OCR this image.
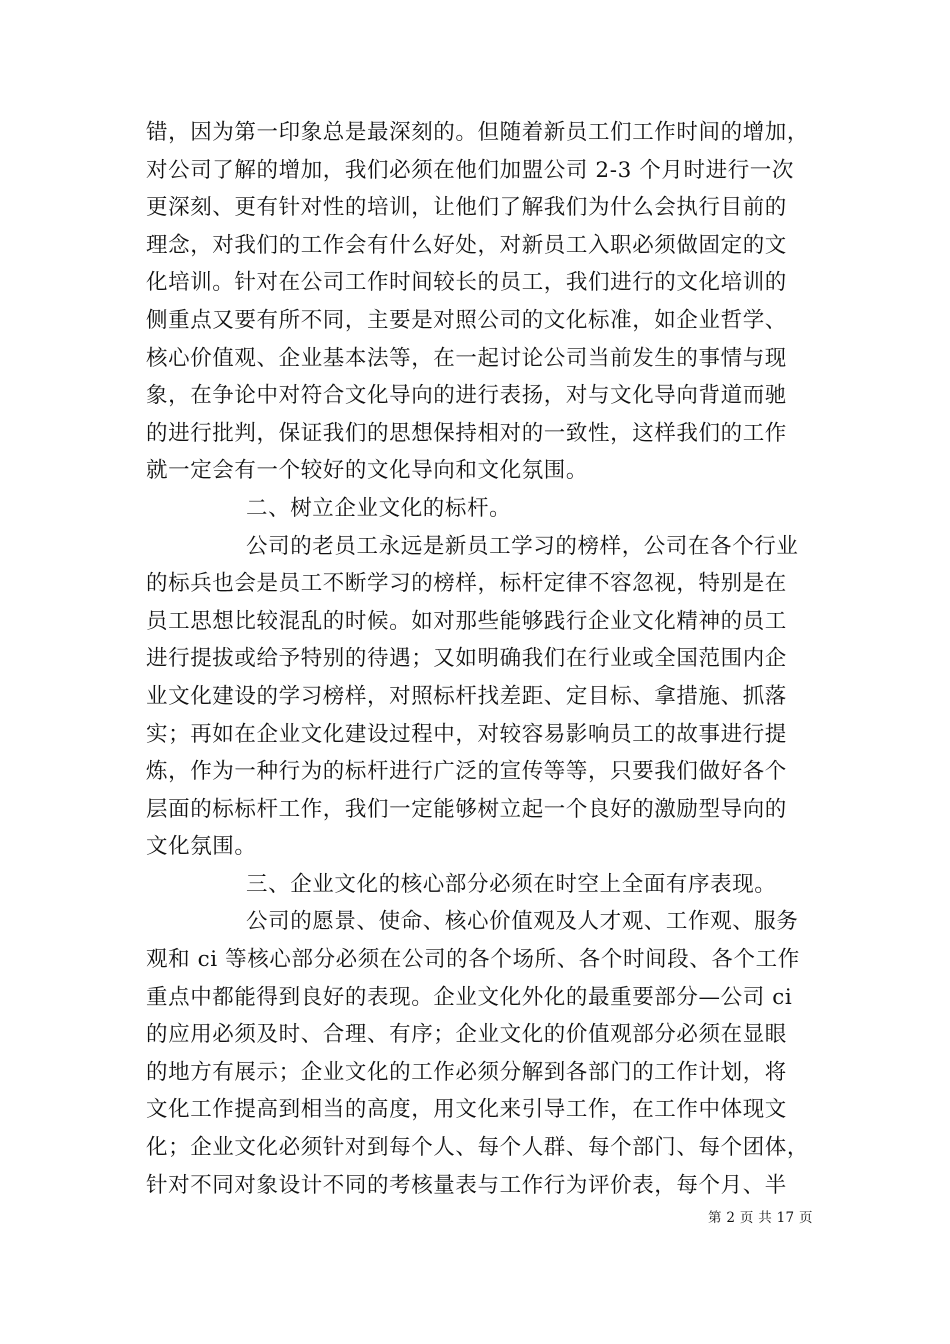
错，因为第一印象总是最深刻的。但随着新员工们工作时间的增加，
对公司了解的增加，我们必须在他们加盟公司 2-3 个月时进行一次
更深刻、更有针对性的培训，让他们了解我们为什么会执行目前的
理念，对我们的工作会有什么好处，对新员工入职必须做固定的文
化培训。针对在公司工作时间较长的员工，我们进行的文化培训的
侧重点又要有所不同，主要是对照公司的文化标准，如企业哲学、
核心价值观、企业基本法等，在一起讨论公司当前发生的事情与现
象，在争论中对符合文化导向的进行表扬，对与文化导向背道而驰
的进行批判，保证我们的思想保持相对的一致性，这样我们的工作
就一定会有一个较好的文化导向和文化氛围。

二、树立企业文化的标杆。

公司的老员工永远是新员工学习的榜样，公司在各个行业
的标兵也会是员工不断学习的榜样，标杆定律不容忽视，特别是在
员工思想比较混乱的时候。如对那些能够践行企业文化精神的员工
进行提拔或给予特别的待遇；又如明确我们在行业或全国范围内企
业文化建设的学习榜样，对照标杆找差距、定目标、拿措施、抓落
实；再如在企业文化建设过程中，对较容易影响员工的故事进行提
炼，作为一种行为的标杆进行广泛的宣传等等，只要我们做好各个
层面的标标杆工作，我们一定能够树立起一个良好的激励型导向的
文化氛围。

三、企业文化的核心部分必须在时空上全面有序表现。

公司的愿景、使命、核心价值观及人才观、工作观、服务
观和 ci 等核心部分必须在公司的各个场所、各个时间段、各个工作
重点中都能得到良好的表现。企业文化外化的最重要部分—公司 ci
的应用必须及时、合理、有序；企业文化的价值观部分必须在显眼
的地方有展示；企业文化的工作必须分解到各部门的工作计划，将
文化工作提高到相当的高度，用文化来引导工作，在工作中体现文
化；企业文化必须针对到每个人、每个人群、每个部门、每个团体，
针对不同对象设计不同的考核量表与工作行为评价表，每个月、半

第 2 页 共 17 页
